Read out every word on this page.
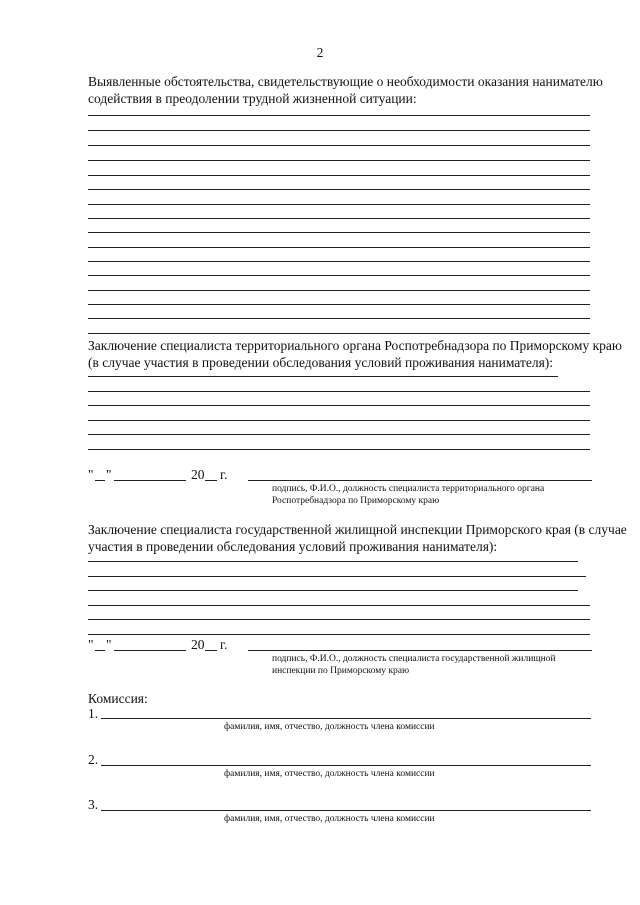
2
Выявленные обстоятельства, свидетельствующие о необходимости оказания нанимателю
содействия в преодолении трудной жизненной ситуации:
Заключение специалиста территориального органа Роспотребнадзора по Приморскому краю
(в случае участия в проведении обследования условий проживания нанимателя):
" "	20 г.
подпись, Ф.И.О., должность специалиста территориального органа
Роспотребнадзора по Приморскому краю
Заключение специалиста государственной жилищной инспекции Приморского края (в случае
участия в проведении обследования условий проживания нанимателя):
" "	20 г.
подпись, Ф.И.О., должность специалиста государственной жилищной
инспекции по Приморскому краю
Комиссия:
1.
фамилия, имя, отчество, должность члена комиссии
2.
фамилия, имя, отчество, должность члена комиссии
3.
фамилия, имя, отчество, должность члена комиссии
